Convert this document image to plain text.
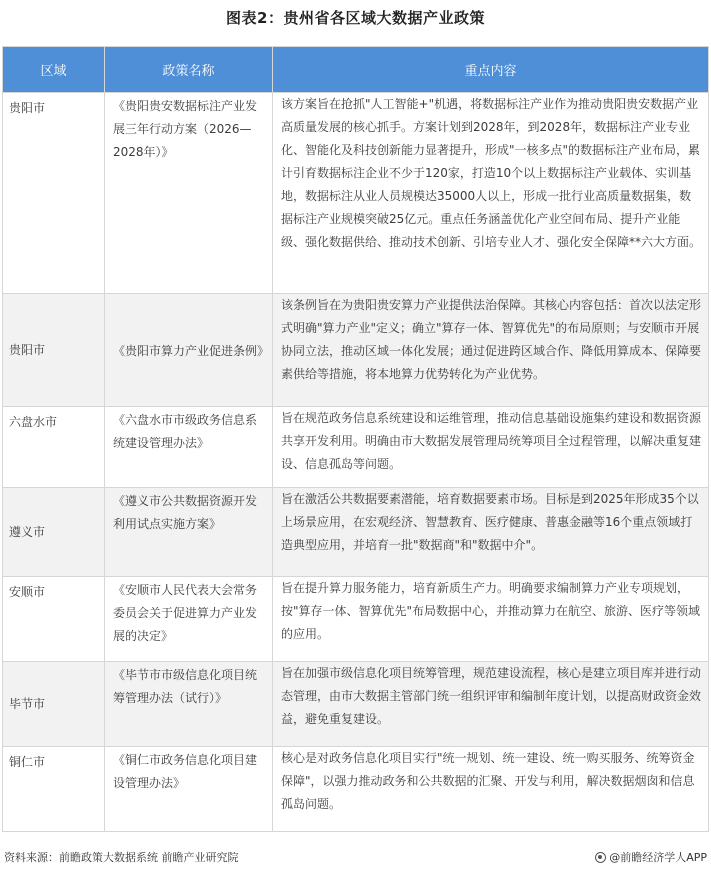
图表2：贵州省各区域大数据产业政策
区域	政策名称	重点内容
贵阳市	《贵阳贵安数据标注产业发展三年行动方案（2026—2028年）》	该方案旨在抢抓"人工智能+"机遇，将数据标注产业作为推动贵阳贵安数据产业高质量发展的核心抓手。方案计划到2028年，到2028年，数据标注产业专业化、智能化及科技创新能力显著提升，形成"一核多点"的数据标注产业布局，累计引育数据标注企业不少于120家，打造10个以上数据标注产业载体、实训基地，数据标注从业人员规模达35000人以上，形成一批行业高质量数据集，数据标注产业规模突破25亿元。重点任务涵盖优化产业空间布局、提升产业能级、强化数据供给、推动技术创新、引培专业人才、强化安全保障**六大方面。
贵阳市	《贵阳市算力产业促进条例》	该条例旨在为贵阳贵安算力产业提供法治保障。其核心内容包括：首次以法定形式明确"算力产业"定义；确立"算存一体、智算优先"的布局原则；与安顺市开展协同立法，推动区域一体化发展；通过促进跨区域合作、降低用算成本、保障要素供给等措施，将本地算力优势转化为产业优势。
六盘水市	《六盘水市市级政务信息系统建设管理办法》	旨在规范政务信息系统建设和运维管理，推动信息基础设施集约建设和数据资源共享开发利用。明确由市大数据发展管理局统筹项目全过程管理，以解决重复建设、信息孤岛等问题。
遵义市	《遵义市公共数据资源开发利用试点实施方案》	旨在激活公共数据要素潜能，培育数据要素市场。目标是到2025年形成35个以上场景应用，在宏观经济、智慧教育、医疗健康、普惠金融等16个重点领域打造典型应用，并培育一批"数据商"和"数据中介"。
安顺市	《安顺市人民代表大会常务委员会关于促进算力产业发展的决定》	旨在提升算力服务能力，培育新质生产力。明确要求编制算力产业专项规划，按"算存一体、智算优先"布局数据中心，并推动算力在航空、旅游、医疗等领域的应用。
毕节市	《毕节市市级信息化项目统筹管理办法（试行）》	旨在加强市级信息化项目统筹管理，规范建设流程，核心是建立项目库并进行动态管理，由市大数据主管部门统一组织评审和编制年度计划，以提高财政资金效益，避免重复建设。
铜仁市	《铜仁市政务信息化项目建设管理办法》	核心是对政务信息化项目实行"统一规划、统一建设、统一购买服务、统筹资金保障"，以强力推动政务和公共数据的汇聚、开发与利用，解决数据烟囱和信息孤岛问题。
资料来源：前瞻政策大数据系统 前瞻产业研究院	@前瞻经济学人APP
